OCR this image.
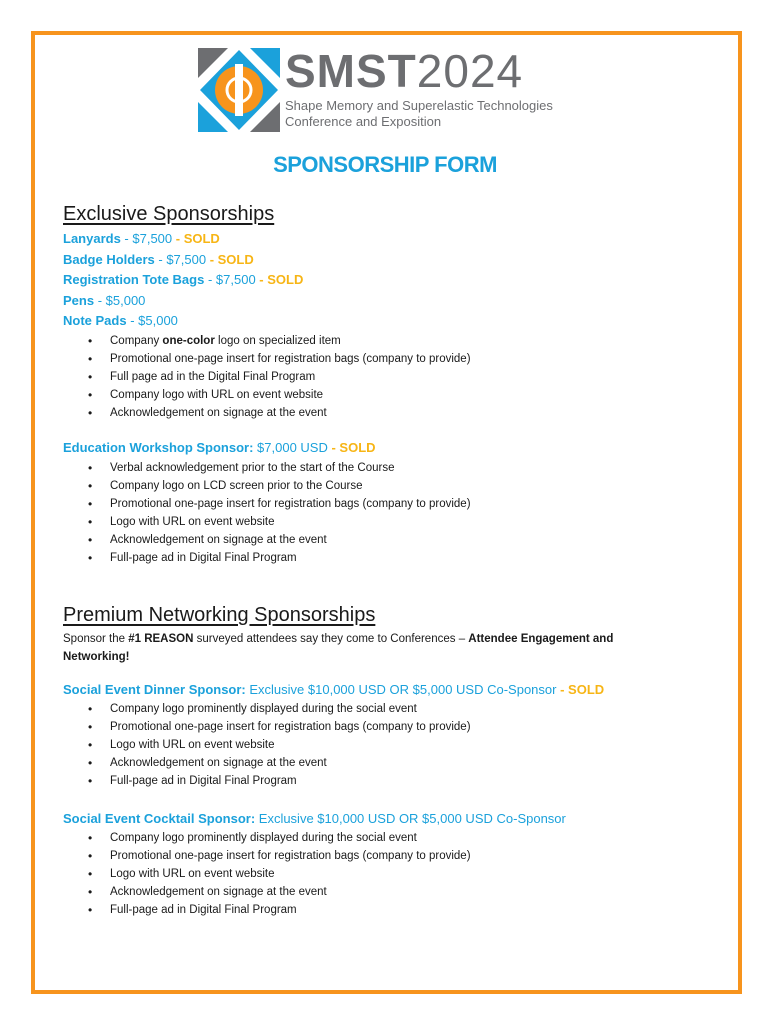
SMST2024
Shape Memory and Superelastic Technologies
Conference and Exposition
SPONSORSHIP FORM
Exclusive Sponsorships
Lanyards - $7,500 - SOLD
Badge Holders - $7,500 - SOLD
Registration Tote Bags - $7,500 - SOLD
Pens - $5,000
Note Pads - $5,000
• Company one-color logo on specialized item
• Promotional one-page insert for registration bags (company to provide)
• Full page ad in the Digital Final Program
• Company logo with URL on event website
• Acknowledgement on signage at the event
Education Workshop Sponsor: $7,000 USD - SOLD
• Verbal acknowledgement prior to the start of the Course
• Company logo on LCD screen prior to the Course
• Promotional one-page insert for registration bags (company to provide)
• Logo with URL on event website
• Acknowledgement on signage at the event
• Full-page ad in Digital Final Program
Premium Networking Sponsorships
Sponsor the #1 REASON surveyed attendees say they come to Conferences – Attendee Engagement and
Networking!
Social Event Dinner Sponsor: Exclusive $10,000 USD OR $5,000 USD Co-Sponsor - SOLD
• Company logo prominently displayed during the social event
• Promotional one-page insert for registration bags (company to provide)
• Logo with URL on event website
• Acknowledgement on signage at the event
• Full-page ad in Digital Final Program
Social Event Cocktail Sponsor: Exclusive $10,000 USD OR $5,000 USD Co-Sponsor
• Company logo prominently displayed during the social event
• Promotional one-page insert for registration bags (company to provide)
• Logo with URL on event website
• Acknowledgement on signage at the event
• Full-page ad in Digital Final Program
